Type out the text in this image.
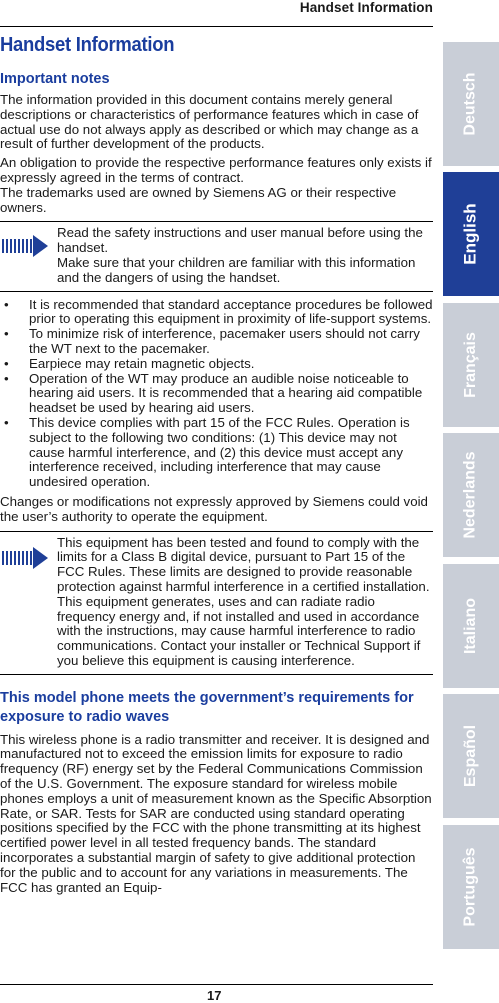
Handset Information
Handset Information
Important notes

The information provided in this document contains merely general descriptions or characteristics of performance features which in case of actual use do not always apply as described or which may change as a result of further development of the products.

An obligation to provide the respective performance features only exists if expressly agreed in the terms of contract.

The trademarks used are owned by Siemens AG or their respective owners.

Read the safety instructions and user manual before using the handset.
Make sure that your children are familiar with this information and the dangers of using the handset.
• It is recommended that standard acceptance procedures be followed prior to operating this equipment in proximity of life-support systems.
• To minimize risk of interference, pacemaker users should not carry the WT next to the pacemaker.
• Earpiece may retain magnetic objects.
• Operation of the WT may produce an audible noise noticeable to hearing aid users. It is recommended that a hearing aid compatible headset be used by hearing aid users.
• This device complies with part 15 of the FCC Rules. Operation is subject to the following two conditions: (1) This device may not cause harmful interference, and (2) this device must accept any interference received, including interference that may cause undesired operation.

Changes or modifications not expressly approved by Siemens could void the user’s authority to operate the equipment.

This equipment has been tested and found to comply with the limits for a Class B digital device, pursuant to Part 15 of the FCC Rules. These limits are designed to provide reasonable protection against harmful interference in a certified installation. This equipment generates, uses and can radiate radio frequency energy and, if not installed and used in accordance with the instructions, may cause harmful interference to radio communications. Contact your installer or Technical Support if you believe this equipment is causing interference.
This model phone meets the government’s requirements for exposure to radio waves

This wireless phone is a radio transmitter and receiver. It is designed and manufactured not to exceed the emission limits for exposure to radio frequency (RF) energy set by the Federal Communications Commission of the U.S. Government. The exposure standard for wireless mobile phones employs a unit of measurement known as the Specific Absorption Rate, or SAR. Tests for SAR are conducted using standard operating positions specified by the FCC with the phone transmitting at its highest certified power level in all tested frequency bands. The standard incorporates a substantial margin of safety to give additional protection for the public and to account for any variations in measurements. The FCC has granted an Equip-

Deutsch
English
Français
Nederlands
Italiano
Español
Português
17
